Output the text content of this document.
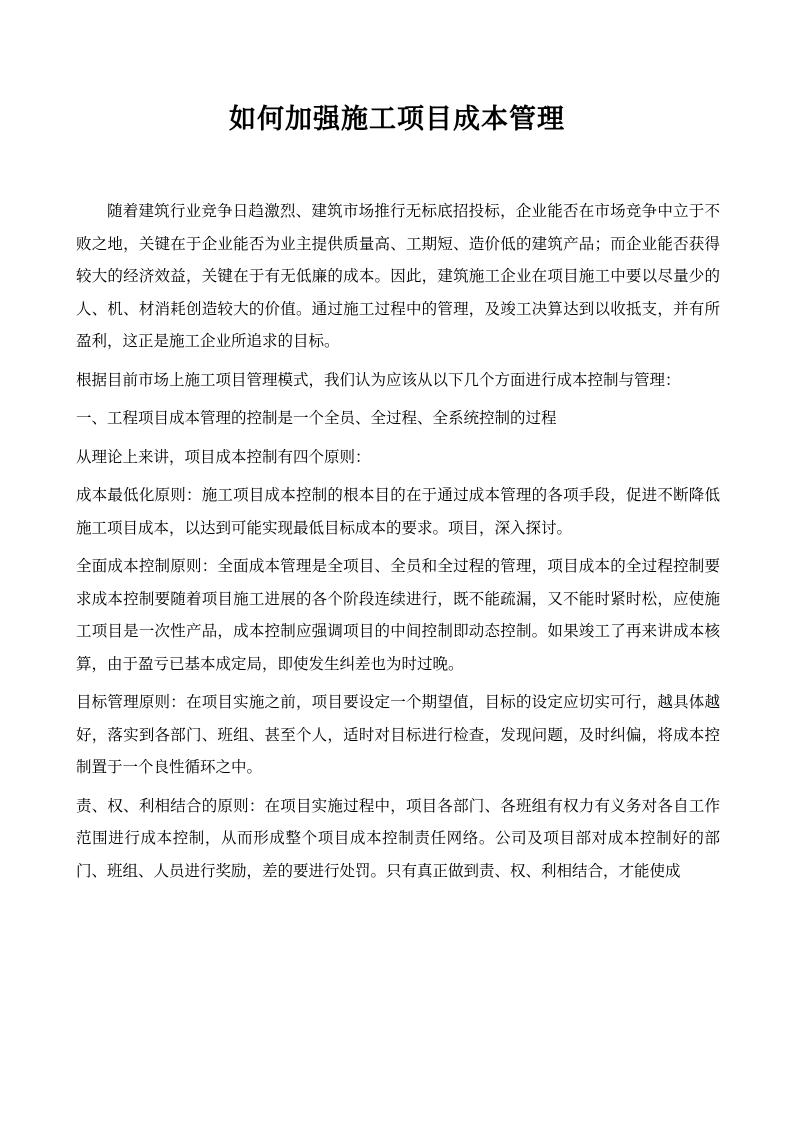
如何加强施工项目成本管理

随着建筑行业竞争日趋激烈、建筑市场推行无标底招投标，企业能否在市场竞争中立于不败之地，关键在于企业能否为业主提供质量高、工期短、造价低的建筑产品；而企业能否获得较大的经济效益，关键在于有无低廉的成本。因此，建筑施工企业在项目施工中要以尽量少的人、机、材消耗创造较大的价值。通过施工过程中的管理，及竣工决算达到以收抵支，并有所盈利，这正是施工企业所追求的目标。

根据目前市场上施工项目管理模式，我们认为应该从以下几个方面进行成本控制与管理：

一、工程项目成本管理的控制是一个全员、全过程、全系统控制的过程

从理论上来讲，项目成本控制有四个原则：

成本最低化原则：施工项目成本控制的根本目的在于通过成本管理的各项手段，促进不断降低施工项目成本，以达到可能实现最低目标成本的要求。项目，深入探讨。

全面成本控制原则：全面成本管理是全项目、全员和全过程的管理，项目成本的全过程控制要求成本控制要随着项目施工进展的各个阶段连续进行，既不能疏漏，又不能时紧时松，应使施工项目是一次性产品，成本控制应强调项目的中间控制即动态控制。如果竣工了再来讲成本核算，由于盈亏已基本成定局，即使发生纠差也为时过晚。

目标管理原则：在项目实施之前，项目要设定一个期望值，目标的设定应切实可行，越具体越好，落实到各部门、班组、甚至个人，适时对目标进行检查，发现问题，及时纠偏，将成本控制置于一个良性循环之中。

责、权、利相结合的原则：在项目实施过程中，项目各部门、各班组有权力有义务对各自工作范围进行成本控制，从而形成整个项目成本控制责任网络。公司及项目部对成本控制好的部门、班组、人员进行奖励，差的要进行处罚。只有真正做到责、权、利相结合，才能使成
